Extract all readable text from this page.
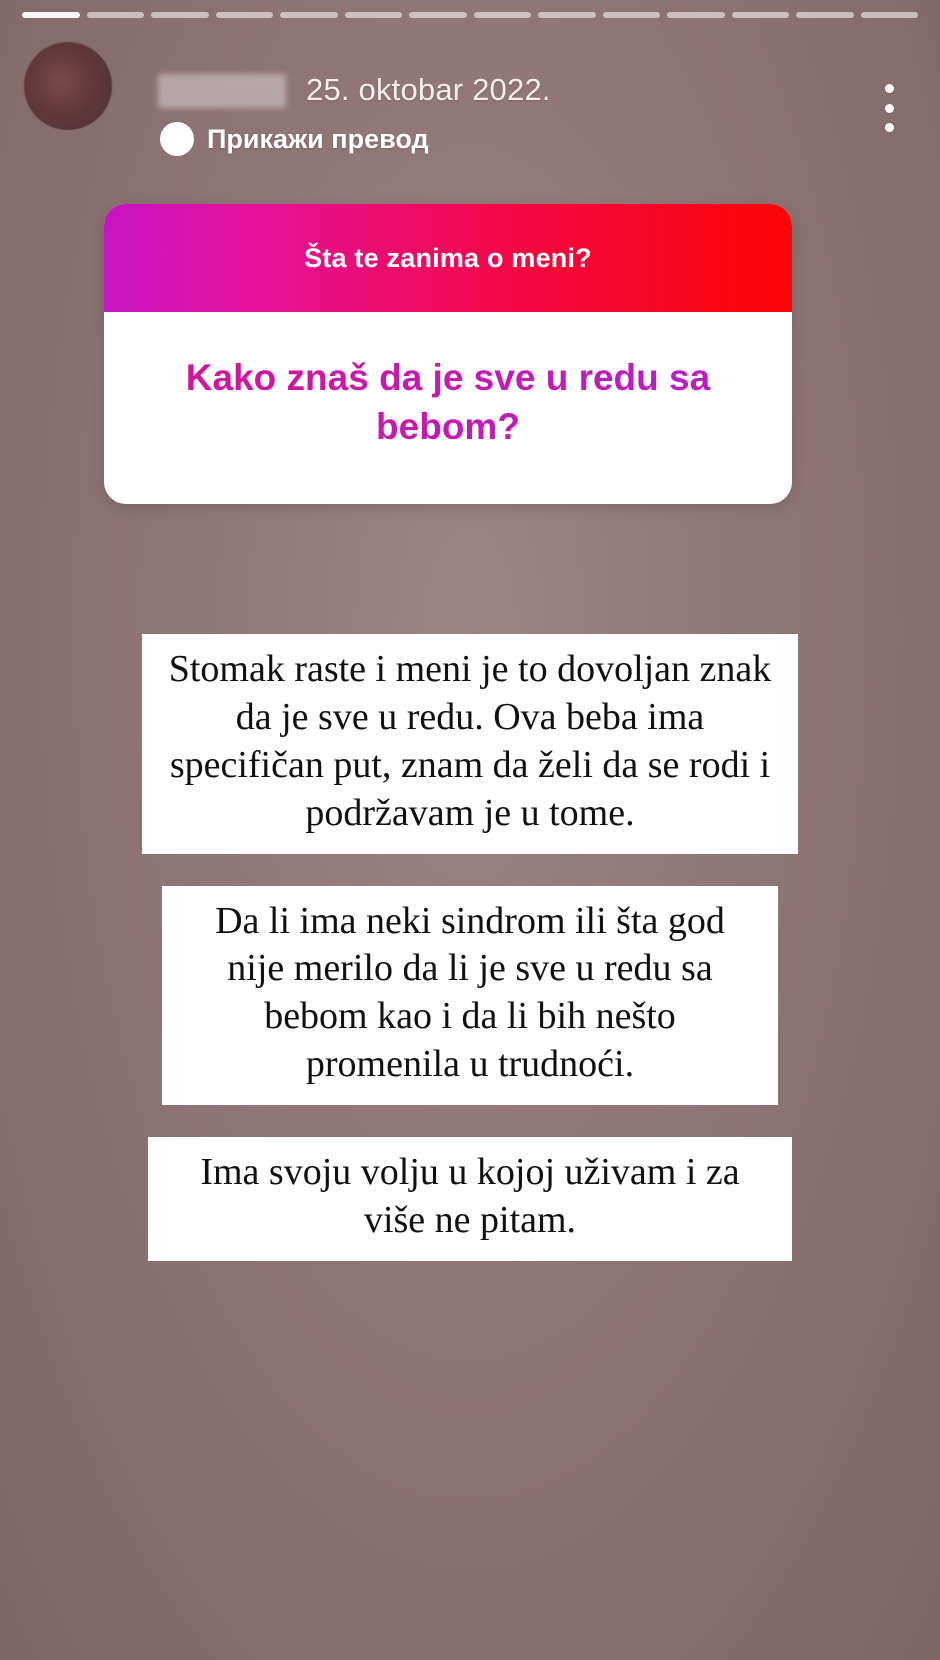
25. oktobar 2022.
Прикажи превод
Šta te zanima o meni?
Kako znaš da je sve u redu sa bebom?
Stomak raste i meni je to dovoljan znak da je sve u redu. Ova beba ima specifičan put, znam da želi da se rodi i podržavam je u tome.
Da li ima neki sindrom ili šta god nije merilo da li je sve u redu sa bebom kao i da li bih nešto promenila u trudnoći.
Ima svoju volju u kojoj uživam i za više ne pitam.
